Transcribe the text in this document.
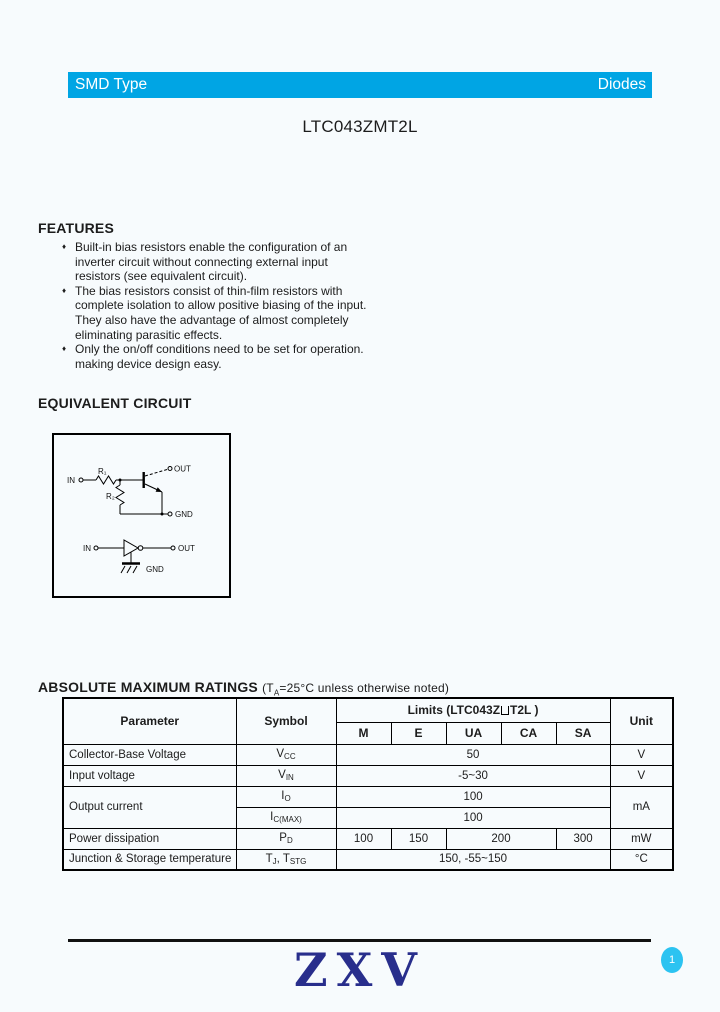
SMD Type	Diodes
LTC043ZMT2L
FEATURES
♦ Built-in bias resistors enable the configuration of an inverter circuit without connecting external input resistors (see equivalent circuit).
♦ The bias resistors consist of thin-film resistors with complete isolation to allow positive biasing of the input. They also have the advantage of almost completely eliminating parasitic effects.
♦ Only the on/off conditions need to be set for operation. making device design easy.
EQUIVALENT CIRCUIT
IN
R₁
R₂
OUT
GND
IN	OUT
GND
ABSOLUTE MAXIMUM RATINGS ($T_A=25^\circ C$ unless otherwise noted)
Parameter	Symbol	Limits (LTC043Z T2L )					Unit
		M	E	UA	CA	SA	
Collector-Base Voltage	$V_{CC}$	50					V
Input voltage	$V_{IN}$	-5~30					V
Output current	$I_O$	100					mA
	$I_{C(MAX)}$	100					
Power dissipation	$P_D$	100	150	200		300	mW
Junction & Storage temperature	$T_J$, $T_{STG}$	150, -55~150					°C
ZXV	1
